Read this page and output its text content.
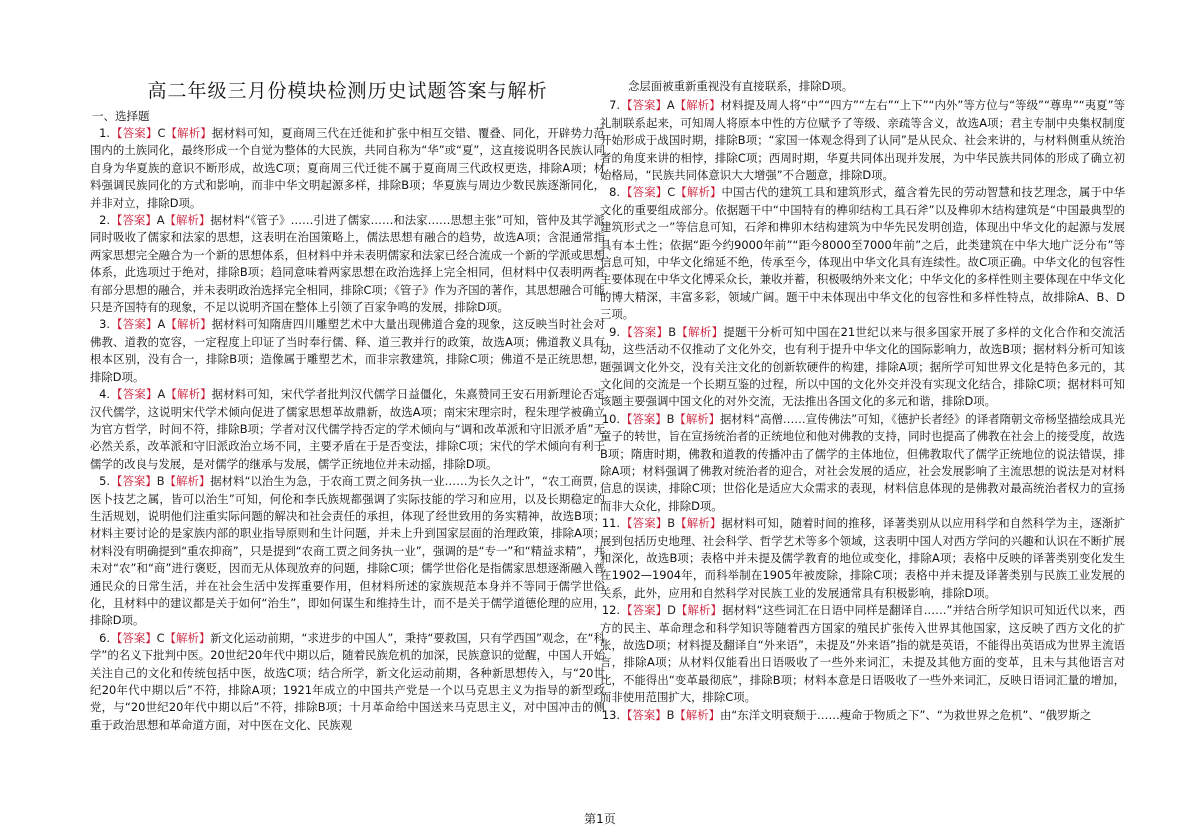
高二年级三月份模块检测历史试题答案与解析
一、选择题

1.【答案】C【解析】据材料可知，夏商周三代在迁徙和扩张中相互交错、覆叠、同化，开辟势力范围内的土族同化，最终形成一个自觉为整体的大民族，共同自称为“华”或“夏”，这直接说明各民族认同自身为华夏族的意识不断形成，故选C项；夏商周三代迁徙不属于夏商周三代政权更迭，排除A项；材料强调民族同化的方式和影响，而非中华文明起源多样，排除B项；华夏族与周边少数民族逐渐同化，并非对立，排除D项。

2.【答案】A【解析】据材料“《管子》……引进了儒家……和法家……思想主张”可知，管仲及其学派同时吸收了儒家和法家的思想，这表明在治国策略上，儒法思想有融合的趋势，故选A项；含混通常指两家思想完全融合为一个新的思想体系，但材料中并未表明儒家和法家已经合流成一个新的学派或思想体系，此选项过于绝对，排除B项；趋同意味着两家思想在政治选择上完全相同，但材料中仅表明两者有部分思想的融合，并未表明政治选择完全相同，排除C项；《管子》作为齐国的著作，其思想融合可能只是齐国特有的现象，不足以说明齐国在整体上引领了百家争鸣的发展，排除D项。

3.【答案】A【解析】据材料可知隋唐四川雕塑艺术中大量出现佛道合龛的现象，这反映当时社会对佛教、道教的宽容，一定程度上印证了当时奉行儒、释、道三教并行的政策，故选A项；佛道教义具有根本区别，没有合一，排除B项；造像属于雕塑艺术，而非宗教建筑，排除C项；佛道不是正统思想，排除D项。

4.【答案】A【解析】据材料可知，宋代学者批判汉代儒学日益僵化，朱熹赞同王安石用新理论否定汉代儒学，这说明宋代学术倾向促进了儒家思想革故鼎新，故选A项；南宋宋理宗时，程朱理学被确立为官方哲学，时间不符，排除B项；学者对汉代儒学持否定的学术倾向与“调和改革派和守旧派矛盾”无必然关系，改革派和守旧派政治立场不同，主要矛盾在于是否变法，排除C项；宋代的学术倾向有利于儒学的改良与发展，是对儒学的继承与发展，儒学正统地位并未动摇，排除D项。

5.【答案】B【解析】据材料“以治生为急，于农商工贾之间务执一业……为长久之计”，“农工商贾，医卜技艺之属，皆可以治生”可知，何伦和李氏族规都强调了实际技能的学习和应用，以及长期稳定的生活规划，说明他们注重实际问题的解决和社会责任的承担，体现了经世致用的务实精神，故选B项；材料主要讨论的是家族内部的职业指导原则和生计问题，并未上升到国家层面的治理政策，排除A项；材料没有明确提到“重农抑商”，只是提到“农商工贾之间务执一业”，强调的是“专一”和“精益求精”，并未对“农”和“商”进行褒贬，因而无从体现放弃的问题，排除C项；儒学世俗化是指儒家思想逐渐融入普通民众的日常生活，并在社会生活中发挥重要作用，但材料所述的家族规范本身并不等同于儒学世俗化，且材料中的建议都是关于如何“治生”，即如何谋生和维持生计，而不是关于儒学道德伦理的应用，排除D项。

6.【答案】C【解析】新文化运动前期，“求进步的中国人”，秉持“要救国，只有学西国”观念，在“科学”的名义下批判中医。20世纪20年代中期以后，随着民族危机的加深，民族意识的觉醒，中国人开始关注自己的文化和传统包括中医，故选C项；结合所学，新文化运动前期，各种新思想传入，与“20世纪20年代中期以后”不符，排除A项；1921年成立的中国共产党是一个以马克思主义为指导的新型政党，与“20世纪20年代中期以后”不符，排除B项；十月革命给中国送来马克思主义，对中国冲击的侧重于政治思想和革命道方面，对中医在文化、民族观

念层面被重新重视没有直接联系，排除D项。

7.【答案】A【解析】材料提及周人将“中”“四方”“左右”“上下”“内外”等方位与“等级”“尊卑”“夷夏”等礼制联系起来，可知周人将原本中性的方位赋予了等级、亲疏等含义，故选A项；君主专制中央集权制度开始形成于战国时期，排除B项；“家国一体观念得到了认同”是从民众、社会来讲的，与材料侧重从统治者的角度来讲的相悖，排除C项；西周时期，华夏共同体出现并发展，为中华民族共同体的形成了确立初始格局，“民族共同体意识大大增强”不合题意，排除D项。

8.【答案】C【解析】中国古代的建筑工具和建筑形式，蕴含着先民的劳动智慧和技艺理念，属于中华文化的重要组成部分。依据题干中“中国特有的榫卯结构工具石斧”以及榫卯木结构建筑是“中国最典型的建筑形式之一”等信息可知，石斧和榫卯木结构建筑为中华先民发明创造，体现出中华文化的起源与发展具有本土性；依据“距今约9000年前”“距今8000至7000年前”之后，此类建筑在中华大地广泛分布”等信息可知，中华文化绵延不绝，传承至今，体现出中华文化具有连续性。故C项正确。中华文化的包容性主要体现在中华文化博采众长，兼收并蓄，积极吸纳外来文化；中华文化的多样性则主要体现在中华文化的博大精深，丰富多彩，领域广阔。题干中未体现出中华文化的包容性和多样性特点，故排除A、B、D三项。

9.【答案】B【解析】提题干分析可知中国在21世纪以来与很多国家开展了多样的文化合作和交流活动，这些活动不仅推动了文化外交，也有利于提升中华文化的国际影响力，故选B项；据材料分析可知该题强调文化外交，没有关注文化的创新软硬件的构建，排除A项；据所学可知世界文化是特色多元的，其文化间的交流是一个长期互鉴的过程，所以中国的文化外交并没有实现文化结合，排除C项；据材料可知该题主要强调中国文化的对外交流，无法推出各国文化的多元和谐，排除D项。

10.【答案】B【解析】据材料“高僧……宣传佛法”可知，《德护长者经》的译者隋朝文帝杨坚描绘成具光童子的转世，旨在宣扬统治者的正统地位和他对佛教的支持，同时也提高了佛教在社会上的接受度，故选B项；隋唐时期，佛教和道教的传播冲击了儒学的主体地位，但佛教取代了儒学正统地位的说法错误，排除A项；材料强调了佛教对统治者的迎合，对社会发展的适应，社会发展影响了主流思想的说法是对材料信息的误读，排除C项；世俗化是适应大众需求的表现，材料信息体现的是佛教对最高统治者权力的宣扬而非大众化，排除D项。

11.【答案】B【解析】据材料可知，随着时间的推移，译著类别从以应用科学和自然科学为主，逐渐扩展到包括历史地理、社会科学、哲学艺术等多个领域，这表明中国人对西方学问的兴趣和认识在不断扩展和深化，故选B项；表格中并未提及儒学教育的地位或变化，排除A项；表格中反映的译著类别变化发生在1902—1904年，而科举制在1905年被废除，排除C项；表格中并未提及译著类别与民族工业发展的关系，此外，应用和自然科学对民族工业的发展通常具有积极影响，排除D项。

12.【答案】D【解析】据材料“这些词汇在日语中同样是翻译自……”并结合所学知识可知近代以来，西方的民主、革命理念和科学知识等随着西方国家的殖民扩张传入世界其他国家，这反映了西方文化的扩张，故选D项；材料提及翻译自“外来语”，未提及“外来语”指的就是英语，不能得出英语成为世界主流语言，排除A项；从材料仅能看出日语吸收了一些外来词汇，未提及其他方面的变革，且未与其他语言对比，不能得出“变革最彻底”，排除B项；材料本意是日语吸收了一些外来词汇，反映日语词汇量的增加，而非使用范围扩大，排除C项。

13.【答案】B【解析】由“东洋文明衰颓于……瘦命于物质之下”、“为救世界之危机”、“俄罗斯之

第1页
